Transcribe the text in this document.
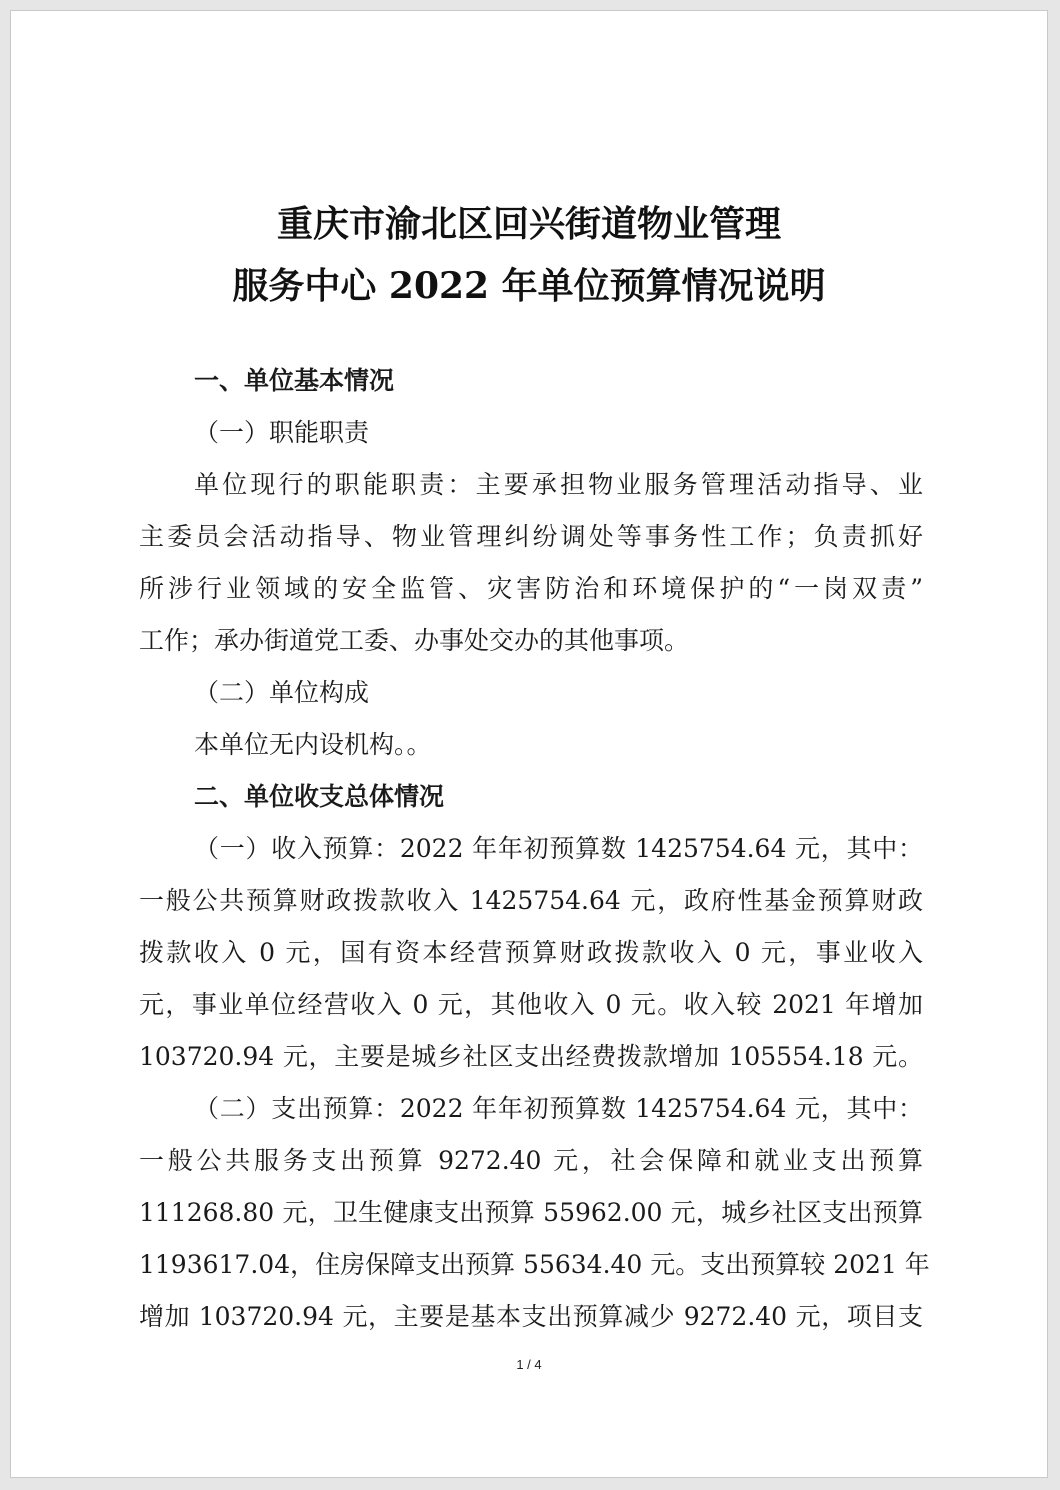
重庆市渝北区回兴街道物业管理
服务中心 2022 年单位预算情况说明
一、单位基本情况
（一）职能职责
单位现行的职能职责：主要承担物业服务管理活动指导、业
主委员会活动指导、物业管理纠纷调处等事务性工作；负责抓好
所涉行业领域的安全监管、灾害防治和环境保护的“一岗双责”
工作；承办街道党工委、办事处交办的其他事项。
（二）单位构成
本单位无内设机构。。
二、单位收支总体情况
（一）收入预算：2022 年年初预算数 1425754.64 元，其中：
一般公共预算财政拨款收入 1425754.64 元，政府性基金预算财政
拨款收入 0 元，国有资本经营预算财政拨款收入 0 元，事业收入
元，事业单位经营收入 0 元，其他收入 0 元。收入较 2021 年增加
103720.94 元，主要是城乡社区支出经费拨款增加 105554.18 元。
（二）支出预算：2022 年年初预算数 1425754.64 元，其中：
一般公共服务支出预算 9272.40 元，社会保障和就业支出预算
111268.80 元，卫生健康支出预算 55962.00 元，城乡社区支出预算
1193617.04，住房保障支出预算 55634.40 元。支出预算较 2021 年
增加 103720.94 元，主要是基本支出预算减少 9272.40 元，项目支
1 / 4
